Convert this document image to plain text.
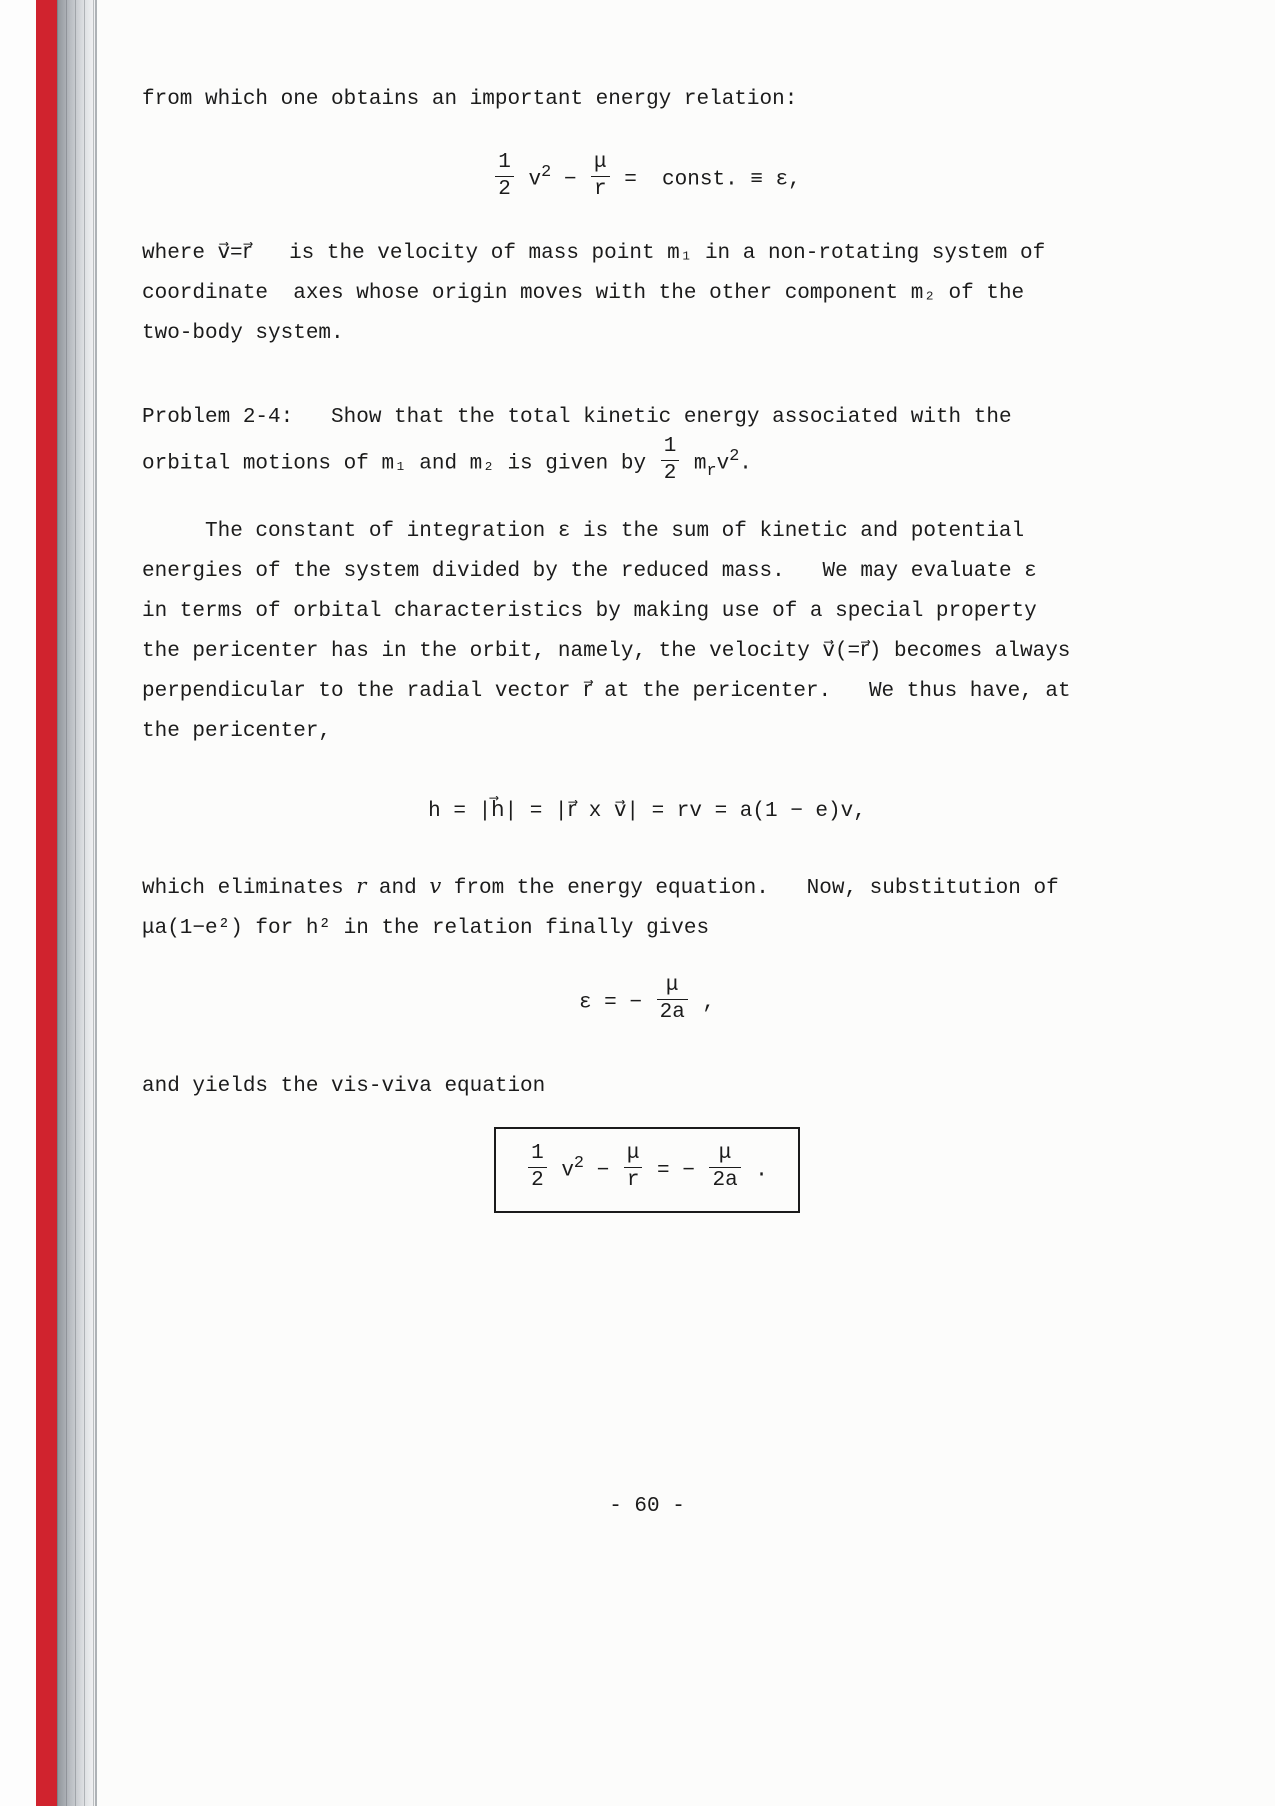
from which one obtains an important energy relation:
$\frac{1}{2} v^2 - \frac{\mu}{r}$ =  const. ≡ ε,
where v⃗=r⃗   is the velocity of mass point m₁ in a non-rotating system of
coordinate  axes whose origin moves with the other component m₂ of the
two-body system.
Problem 2-4:   Show that the total kinetic energy associated with the
orbital motions of m₁ and m₂ is given by $\frac{1}{2} m_rv^2$.
The constant of integration ε is the sum of kinetic and potential
energies of the system divided by the reduced mass.   We may evaluate ε
in terms of orbital characteristics by making use of a special property
the pericenter has in the orbit, namely, the velocity v⃗(=r⃗) becomes always
perpendicular to the radial vector r⃗ at the pericenter.   We thus have, at
the pericenter,
h = |h⃗| = |r⃗ x v⃗| = rv = a(1 − e)v,
which eliminates r and v from the energy equation.   Now, substitution of
μa(1−e²) for h² in the relation finally gives
ε = − $\frac{\mu}{2a}$ ,
and yields the vis-viva equation
$\frac{1}{2} v^2 - \frac{\mu}{r}$ = − $\frac{\mu}{2a}$ .
- 60 -
